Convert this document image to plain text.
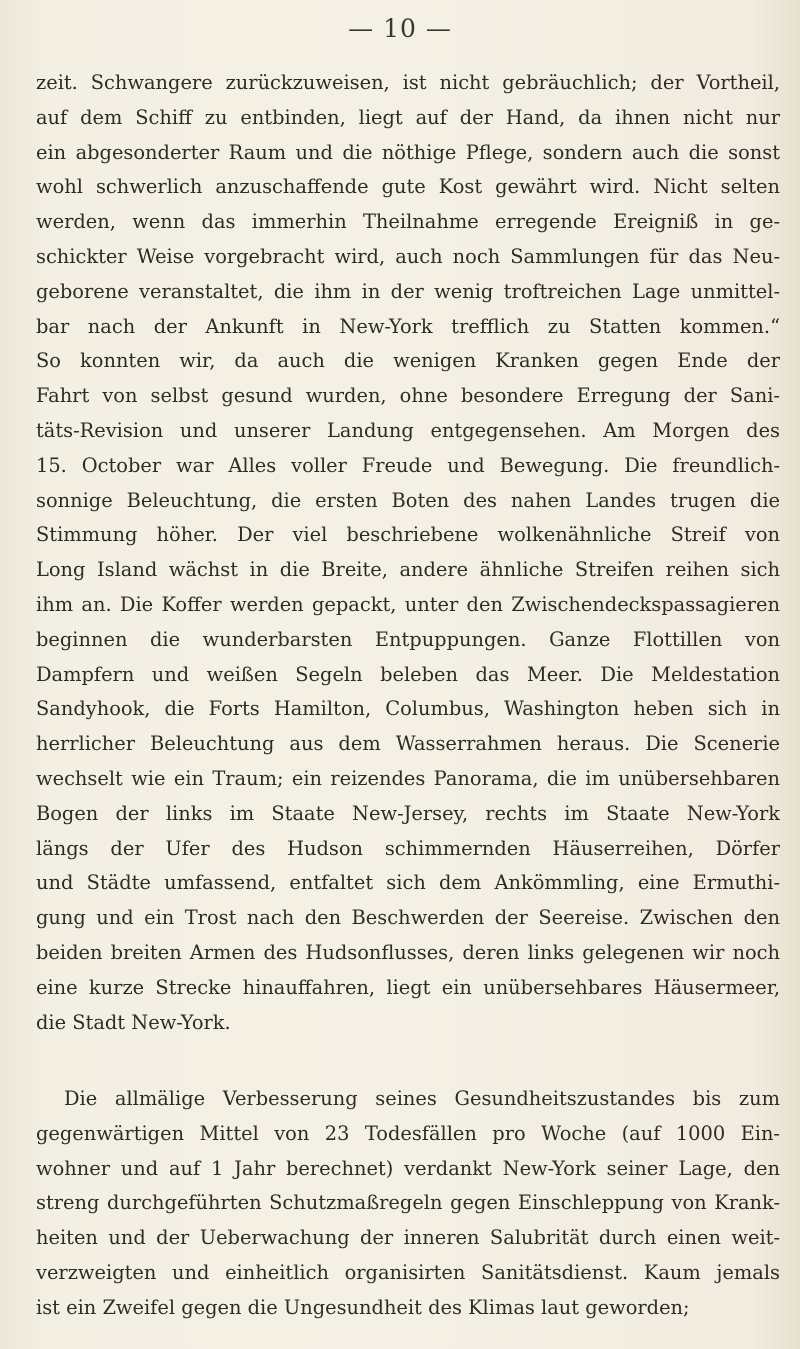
— 10 —
zeit. Schwangere zurückzuweisen, ist nicht gebräuchlich; der Vortheil,
auf dem Schiff zu entbinden, liegt auf der Hand, da ihnen nicht nur
ein abgesonderter Raum und die nöthige Pflege, sondern auch die sonst
wohl schwerlich anzuschaffende gute Kost gewährt wird. Nicht selten
werden, wenn das immerhin Theilnahme erregende Ereigniß in ge-
schickter Weise vorgebracht wird, auch noch Sammlungen für das Neu-
geborene veranstaltet, die ihm in der wenig troftreichen Lage unmittel-
bar nach der Ankunft in New-York trefflich zu Statten kommen.“
So konnten wir, da auch die wenigen Kranken gegen Ende der
Fahrt von selbst gesund wurden, ohne besondere Erregung der Sani-
täts-Revision und unserer Landung entgegensehen. Am Morgen des
15. October war Alles voller Freude und Bewegung. Die freundlich-
sonnige Beleuchtung, die ersten Boten des nahen Landes trugen die
Stimmung höher. Der viel beschriebene wolkenähnliche Streif von
Long Island wächst in die Breite, andere ähnliche Streifen reihen sich
ihm an. Die Koffer werden gepackt, unter den Zwischendeckspassagieren
beginnen die wunderbarsten Entpuppungen. Ganze Flottillen von
Dampfern und weißen Segeln beleben das Meer. Die Meldestation
Sandyhook, die Forts Hamilton, Columbus, Washington heben sich in
herrlicher Beleuchtung aus dem Wasserrahmen heraus. Die Scenerie
wechselt wie ein Traum; ein reizendes Panorama, die im unübersehbaren
Bogen der links im Staate New-Jersey, rechts im Staate New-York
längs der Ufer des Hudson schimmernden Häuserreihen, Dörfer
und Städte umfassend, entfaltet sich dem Ankömmling, eine Ermuthi-
gung und ein Trost nach den Beschwerden der Seereise. Zwischen den
beiden breiten Armen des Hudsonflusses, deren links gelegenen wir noch
eine kurze Strecke hinauffahren, liegt ein unübersehbares Häusermeer,
die Stadt New-York.
Die allmälige Verbesserung seines Gesundheitszustandes bis zum
gegenwärtigen Mittel von 23 Todesfällen pro Woche (auf 1000 Ein-
wohner und auf 1 Jahr berechnet) verdankt New-York seiner Lage, den
streng durchgeführten Schutzmaßregeln gegen Einschleppung von Krank-
heiten und der Ueberwachung der inneren Salubrität durch einen weit-
verzweigten und einheitlich organisirten Sanitätsdienst. Kaum jemals
ist ein Zweifel gegen die Ungesundheit des Klimas laut geworden;
